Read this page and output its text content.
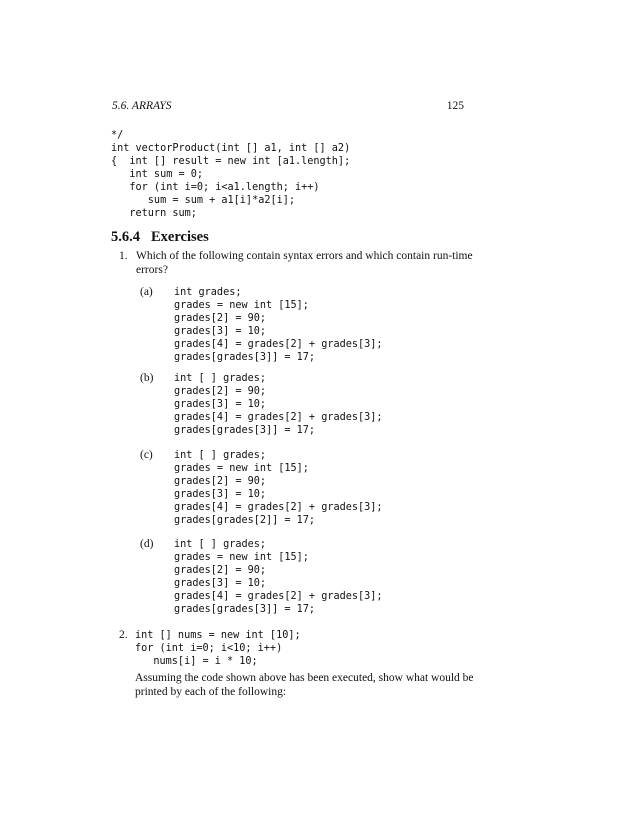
5.6. ARRAYS	125
*/
int vectorProduct(int [] a1, int [] a2)
{  int [] result = new int [a1.length];
int sum = 0;
for (int i=0; i<a1.length; i++)
sum = sum + a1[i]*a2[i];
return sum;
5.6.4 Exercises
1. Which of the following contain syntax errors and which contain run-time errors?
(a) int grades;
grades = new int [15];
grades[2] = 90;
grades[3] = 10;
grades[4] = grades[2] + grades[3];
grades[grades[3]] = 17;
(b) int [ ] grades;
grades[2] = 90;
grades[3] = 10;
grades[4] = grades[2] + grades[3];
grades[grades[3]] = 17;
(c) int [ ] grades;
grades = new int [15];
grades[2] = 90;
grades[3] = 10;
grades[4] = grades[2] + grades[3];
grades[grades[2]] = 17;
(d) int [ ] grades;
grades = new int [15];
grades[2] = 90;
grades[3] = 10;
grades[4] = grades[2] + grades[3];
grades[grades[3]] = 17;
2. int [] nums = new int [10];
for (int i=0; i<10; i++)
nums[i] = i * 10;
Assuming the code shown above has been executed, show what would be printed by each of the following:
